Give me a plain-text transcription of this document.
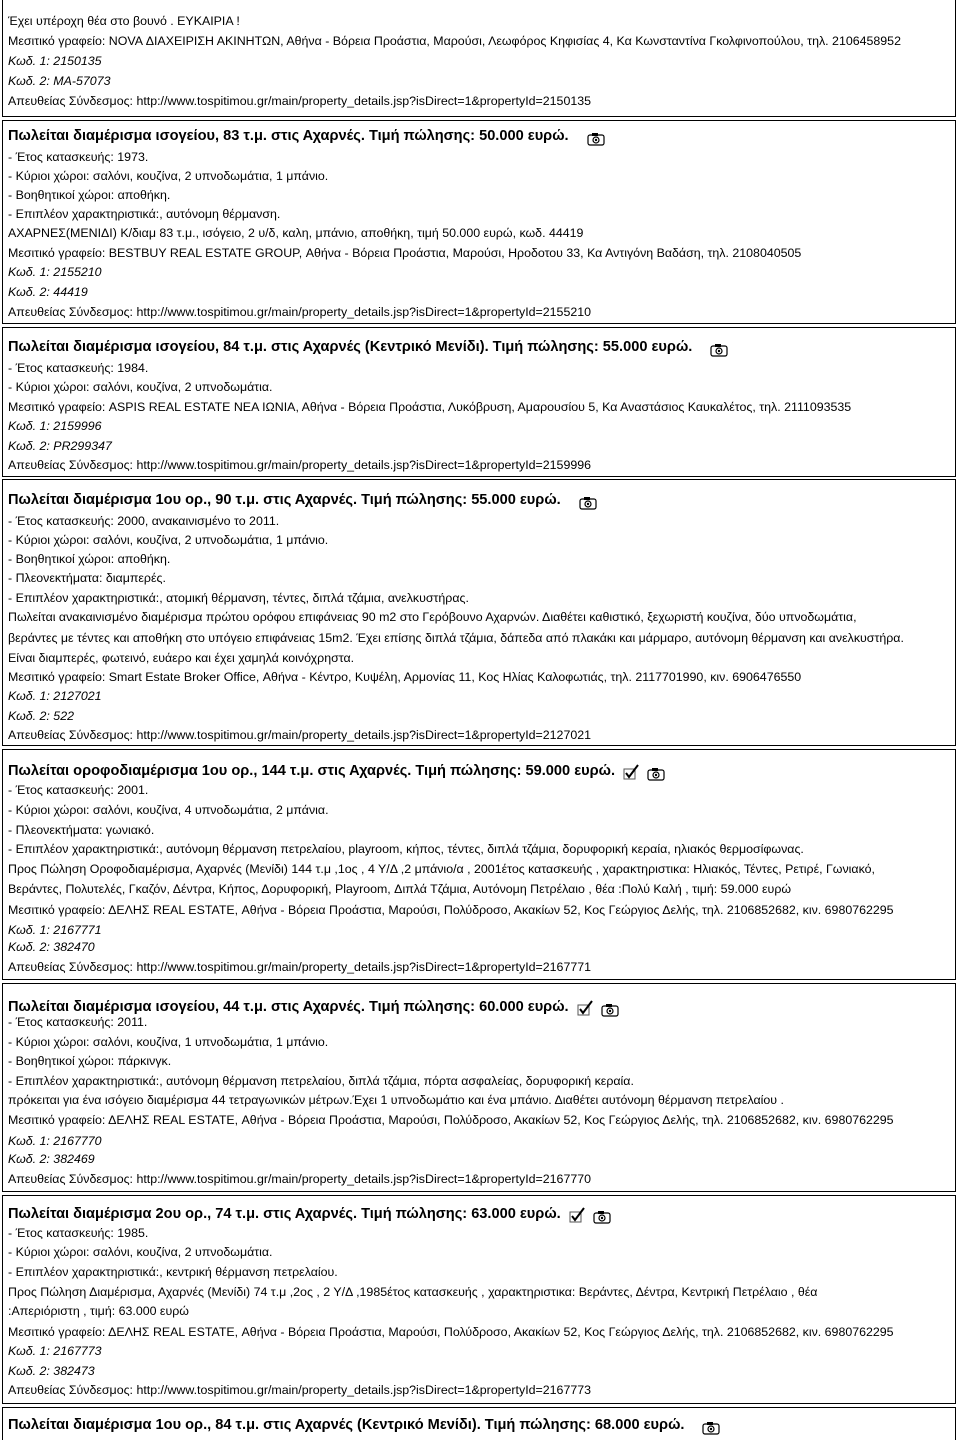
Έχει υπέροχη θέα στο βουνό . ΕΥΚΑΙΡΙΑ !
Μεσιτικό γραφείο: NOVA ΔΙΑΧΕΙΡΙΣΗ ΑΚΙΝΗΤΩΝ, Αθήνα - Βόρεια Προάστια, Μαρούσι, Λεωφόρος Κηφισίας 4, Κα Κωνσταντίνα Γκολφινοπούλου, τηλ. 2106458952
Κωδ. 1: 2150135
Κωδ. 2: MA-57073
Απευθείας Σύνδεσμος: http://www.tospitimou.gr/main/property_details.jsp?isDirect=1&propertyId=2150135
Πωλείται διαμέρισμα ισογείου, 83 τ.μ. στις Αχαρνές. Τιμή πώλησης: 50.000 ευρώ.
- Έτος κατασκευής: 1973.
- Κύριοι χώροι: σαλόνι, κουζίνα, 2 υπνοδωμάτια, 1 μπάνιο.
- Βοηθητικοί χώροι: αποθήκη.
- Επιπλέον χαρακτηριστικά:, αυτόνομη θέρμανση.
ΑΧΑΡΝΕΣ(ΜΕΝΙΔΙ) Κ/διαμ 83 τ.μ., ισόγειο, 2 υ/δ, καλη, μπάνιο, αποθήκη, τιμή 50.000 ευρώ, κωδ. 44419
Μεσιτικό γραφείο: BESTBUY REAL ESTATE GROUP, Αθήνα - Βόρεια Προάστια, Μαρούσι, Ηροδοτου 33, Κα Αντιγόνη Βαδάση, τηλ. 2108040505
Κωδ. 1: 2155210
Κωδ. 2: 44419
Απευθείας Σύνδεσμος: http://www.tospitimou.gr/main/property_details.jsp?isDirect=1&propertyId=2155210
Πωλείται διαμέρισμα ισογείου, 84 τ.μ. στις Αχαρνές (Κεντρικό Μενίδι). Τιμή πώλησης: 55.000 ευρώ.
- Έτος κατασκευής: 1984.
- Κύριοι χώροι: σαλόνι, κουζίνα, 2 υπνοδωμάτια.
Μεσιτικό γραφείο: ASPIS REAL ESTATE ΝΕΑ ΙΩΝΙΑ, Αθήνα - Βόρεια Προάστια, Λυκόβρυση, Αμαρουσίου 5, Κα Αναστάσιος Καυκαλέτος, τηλ. 2111093535
Κωδ. 1: 2159996
Κωδ. 2: PR299347
Απευθείας Σύνδεσμος: http://www.tospitimou.gr/main/property_details.jsp?isDirect=1&propertyId=2159996
Πωλείται διαμέρισμα 1ου ορ., 90 τ.μ. στις Αχαρνές. Τιμή πώλησης: 55.000 ευρώ.
- Έτος κατασκευής: 2000, ανακαινισμένο το 2011.
- Κύριοι χώροι: σαλόνι, κουζίνα, 2 υπνοδωμάτια, 1 μπάνιο.
- Βοηθητικοί χώροι: αποθήκη.
- Πλεονεκτήματα: διαμπερές.
- Επιπλέον χαρακτηριστικά:, ατομική θέρμανση, τέντες, διπλά τζάμια, ανελκυστήρας.
Πωλείται ανακαινισμένο διαμέρισμα πρώτου ορόφου επιφάνειας 90 m2 στο Γερόβουνο Αχαρνών. Διαθέτει καθιστικό, ξεχωριστή κουζίνα, δύο υπνοδωμάτια,
βεράντες με τέντες και αποθήκη στο υπόγειο επιφάνειας 15m2. Έχει επίσης διπλά τζάμια, δάπεδα από πλακάκι και μάρμαρο, αυτόνομη θέρμανση και ανελκυστήρα.
Είναι διαμπερές, φωτεινό, ευάερο και έχει χαμηλά κοινόχρηστα.
Μεσιτικό γραφείο: Smart Estate Broker Office, Αθήνα - Κέντρο, Κυψέλη, Αρμονίας 11, Κος Ηλίας Καλοφωτιάς, τηλ. 2117701990, κιν. 6906476550
Κωδ. 1: 2127021
Κωδ. 2: 522
Απευθείας Σύνδεσμος: http://www.tospitimou.gr/main/property_details.jsp?isDirect=1&propertyId=2127021
Πωλείται οροφοδιαμέρισμα 1ου ορ., 144 τ.μ. στις Αχαρνές. Τιμή πώλησης: 59.000 ευρώ.
- Έτος κατασκευής: 2001.
- Κύριοι χώροι: σαλόνι, κουζίνα, 4 υπνοδωμάτια, 2 μπάνια.
- Πλεονεκτήματα: γωνιακό.
- Επιπλέον χαρακτηριστικά:, αυτόνομη θέρμανση πετρελαίου, playroom, κήπος, τέντες, διπλά τζάμια, δορυφορική κεραία, ηλιακός θερμοσίφωνας.
Προς Πώληση Οροφοδιαμέρισμα, Αχαρνές (Μενίδι) 144 τ.μ ,1ος , 4 Υ/Δ ,2 μπάνιο/α , 2001έτος κατασκευής , χαρακτηριστικα: Ηλιακός, Τέντες, Ρετιρέ, Γωνιακό,
Βεράντες, Πολυτελές, Γκαζόν, Δέντρα, Κήπος, Δορυφορική, Playroom, Διπλά Τζάμια, Αυτόνομη Πετρέλαιο , θέα :Πολύ Καλή , τιμή: 59.000 ευρώ
Μεσιτικό γραφείο: ΔΕΛΗΣ REAL ESTATE, Αθήνα - Βόρεια Προάστια, Μαρούσι, Πολύδροσο, Ακακίων 52, Κος Γεώργιος Δελής, τηλ. 2106852682, κιν. 6980762295
Κωδ. 1: 2167771
Κωδ. 2: 382470
Απευθείας Σύνδεσμος: http://www.tospitimou.gr/main/property_details.jsp?isDirect=1&propertyId=2167771
Πωλείται διαμέρισμα ισογείου, 44 τ.μ. στις Αχαρνές. Τιμή πώλησης: 60.000 ευρώ.
- Έτος κατασκευής: 2011.
- Κύριοι χώροι: σαλόνι, κουζίνα, 1 υπνοδωμάτια, 1 μπάνιο.
- Βοηθητικοί χώροι: πάρκινγκ.
- Επιπλέον χαρακτηριστικά:, αυτόνομη θέρμανση πετρελαίου, διπλά τζάμια, πόρτα ασφαλείας, δορυφορική κεραία.
πρόκειται για ένα ισόγειο διαμέρισμα 44 τετραγωνικών μέτρων.Έχει 1 υπνοδωμάτιο και ένα μπάνιο. Διαθέτει αυτόνομη θέρμανση πετρελαίου .
Μεσιτικό γραφείο: ΔΕΛΗΣ REAL ESTATE, Αθήνα - Βόρεια Προάστια, Μαρούσι, Πολύδροσο, Ακακίων 52, Κος Γεώργιος Δελής, τηλ. 2106852682, κιν. 6980762295
Κωδ. 1: 2167770
Κωδ. 2: 382469
Απευθείας Σύνδεσμος: http://www.tospitimou.gr/main/property_details.jsp?isDirect=1&propertyId=2167770
Πωλείται διαμέρισμα 2ου ορ., 74 τ.μ. στις Αχαρνές. Τιμή πώλησης: 63.000 ευρώ.
- Έτος κατασκευής: 1985.
- Κύριοι χώροι: σαλόνι, κουζίνα, 2 υπνοδωμάτια.
- Επιπλέον χαρακτηριστικά:, κεντρική θέρμανση πετρελαίου.
Προς Πώληση Διαμέρισμα, Αχαρνές (Μενίδι) 74 τ.μ ,2ος , 2 Υ/Δ ,1985έτος κατασκευής , χαρακτηριστικα: Βεράντες, Δέντρα, Κεντρική Πετρέλαιο , θέα
:Απεριόριστη , τιμή: 63.000 ευρώ
Μεσιτικό γραφείο: ΔΕΛΗΣ REAL ESTATE, Αθήνα - Βόρεια Προάστια, Μαρούσι, Πολύδροσο, Ακακίων 52, Κος Γεώργιος Δελής, τηλ. 2106852682, κιν. 6980762295
Κωδ. 1: 2167773
Κωδ. 2: 382473
Απευθείας Σύνδεσμος: http://www.tospitimou.gr/main/property_details.jsp?isDirect=1&propertyId=2167773
Πωλείται διαμέρισμα 1ου ορ., 84 τ.μ. στις Αχαρνές (Κεντρικό Μενίδι). Τιμή πώλησης: 68.000 ευρώ.
